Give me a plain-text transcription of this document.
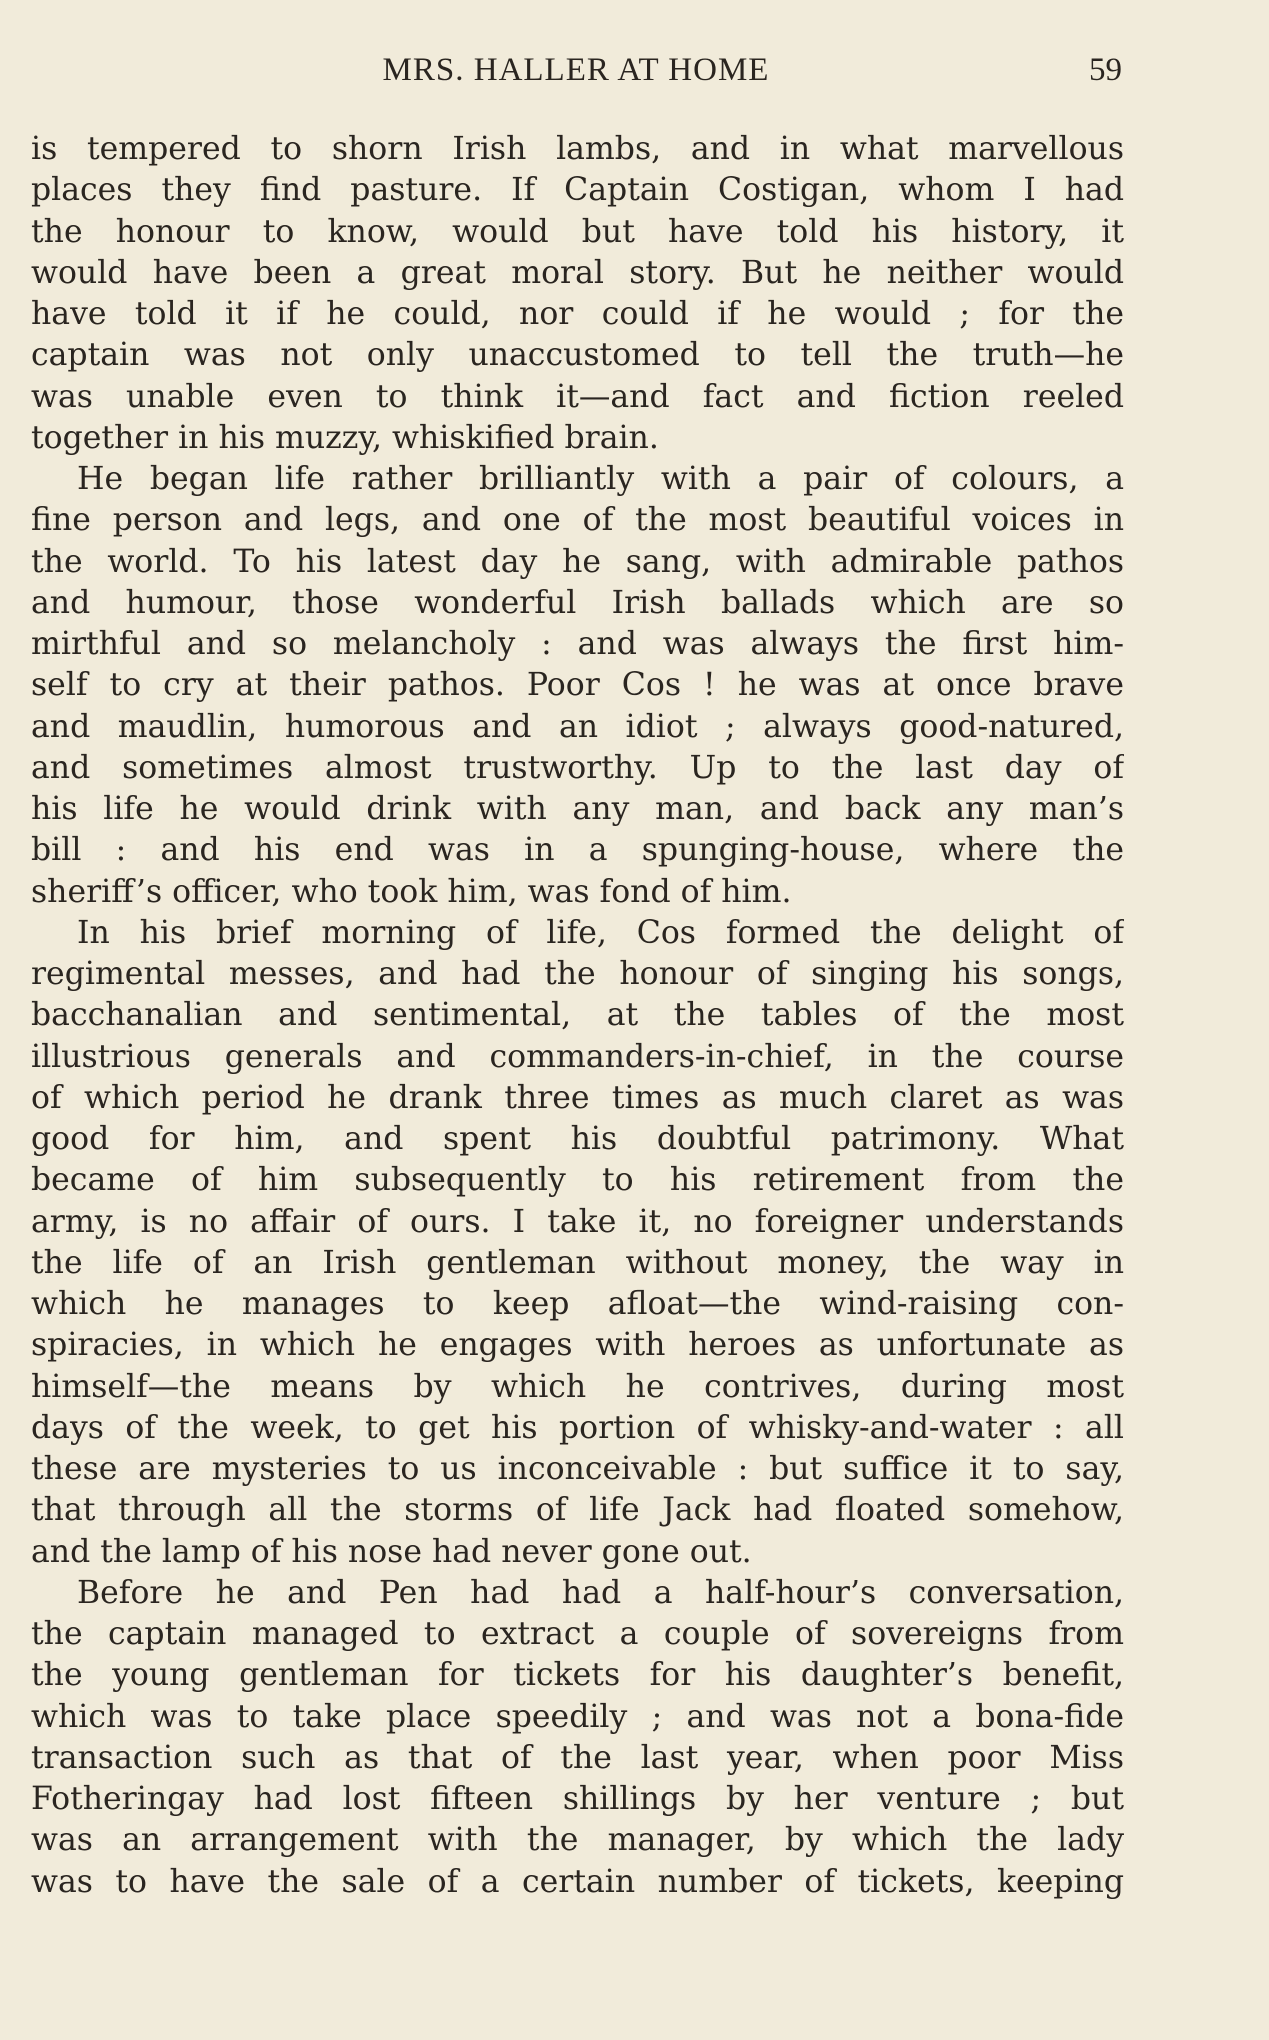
MRS. HALLER AT HOME	59
is tempered to shorn Irish lambs, and in what marvellous
places they find pasture. If Captain Costigan, whom I had
the honour to know, would but have told his history, it
would have been a great moral story. But he neither would
have told it if he could, nor could if he would ; for the
captain was not only unaccustomed to tell the truth—he
was unable even to think it—and fact and fiction reeled
together in his muzzy, whiskified brain.
He began life rather brilliantly with a pair of colours, a
fine person and legs, and one of the most beautiful voices in
the world. To his latest day he sang, with admirable pathos
and humour, those wonderful Irish ballads which are so
mirthful and so melancholy : and was always the first him-
self to cry at their pathos. Poor Cos ! he was at once brave
and maudlin, humorous and an idiot ; always good-natured,
and sometimes almost trustworthy. Up to the last day of
his life he would drink with any man, and back any man’s
bill : and his end was in a spunging-house, where the
sheriff’s officer, who took him, was fond of him.
In his brief morning of life, Cos formed the delight of
regimental messes, and had the honour of singing his songs,
bacchanalian and sentimental, at the tables of the most
illustrious generals and commanders-in-chief, in the course
of which period he drank three times as much claret as was
good for him, and spent his doubtful patrimony. What
became of him subsequently to his retirement from the
army, is no affair of ours. I take it, no foreigner understands
the life of an Irish gentleman without money, the way in
which he manages to keep afloat—the wind-raising con-
spiracies, in which he engages with heroes as unfortunate as
himself—the means by which he contrives, during most
days of the week, to get his portion of whisky-and-water : all
these are mysteries to us inconceivable : but suffice it to say,
that through all the storms of life Jack had floated somehow,
and the lamp of his nose had never gone out.
Before he and Pen had had a half-hour’s conversation,
the captain managed to extract a couple of sovereigns from
the young gentleman for tickets for his daughter’s benefit,
which was to take place speedily ; and was not a bona-fide
transaction such as that of the last year, when poor Miss
Fotheringay had lost fifteen shillings by her venture ; but
was an arrangement with the manager, by which the lady
was to have the sale of a certain number of tickets, keeping
